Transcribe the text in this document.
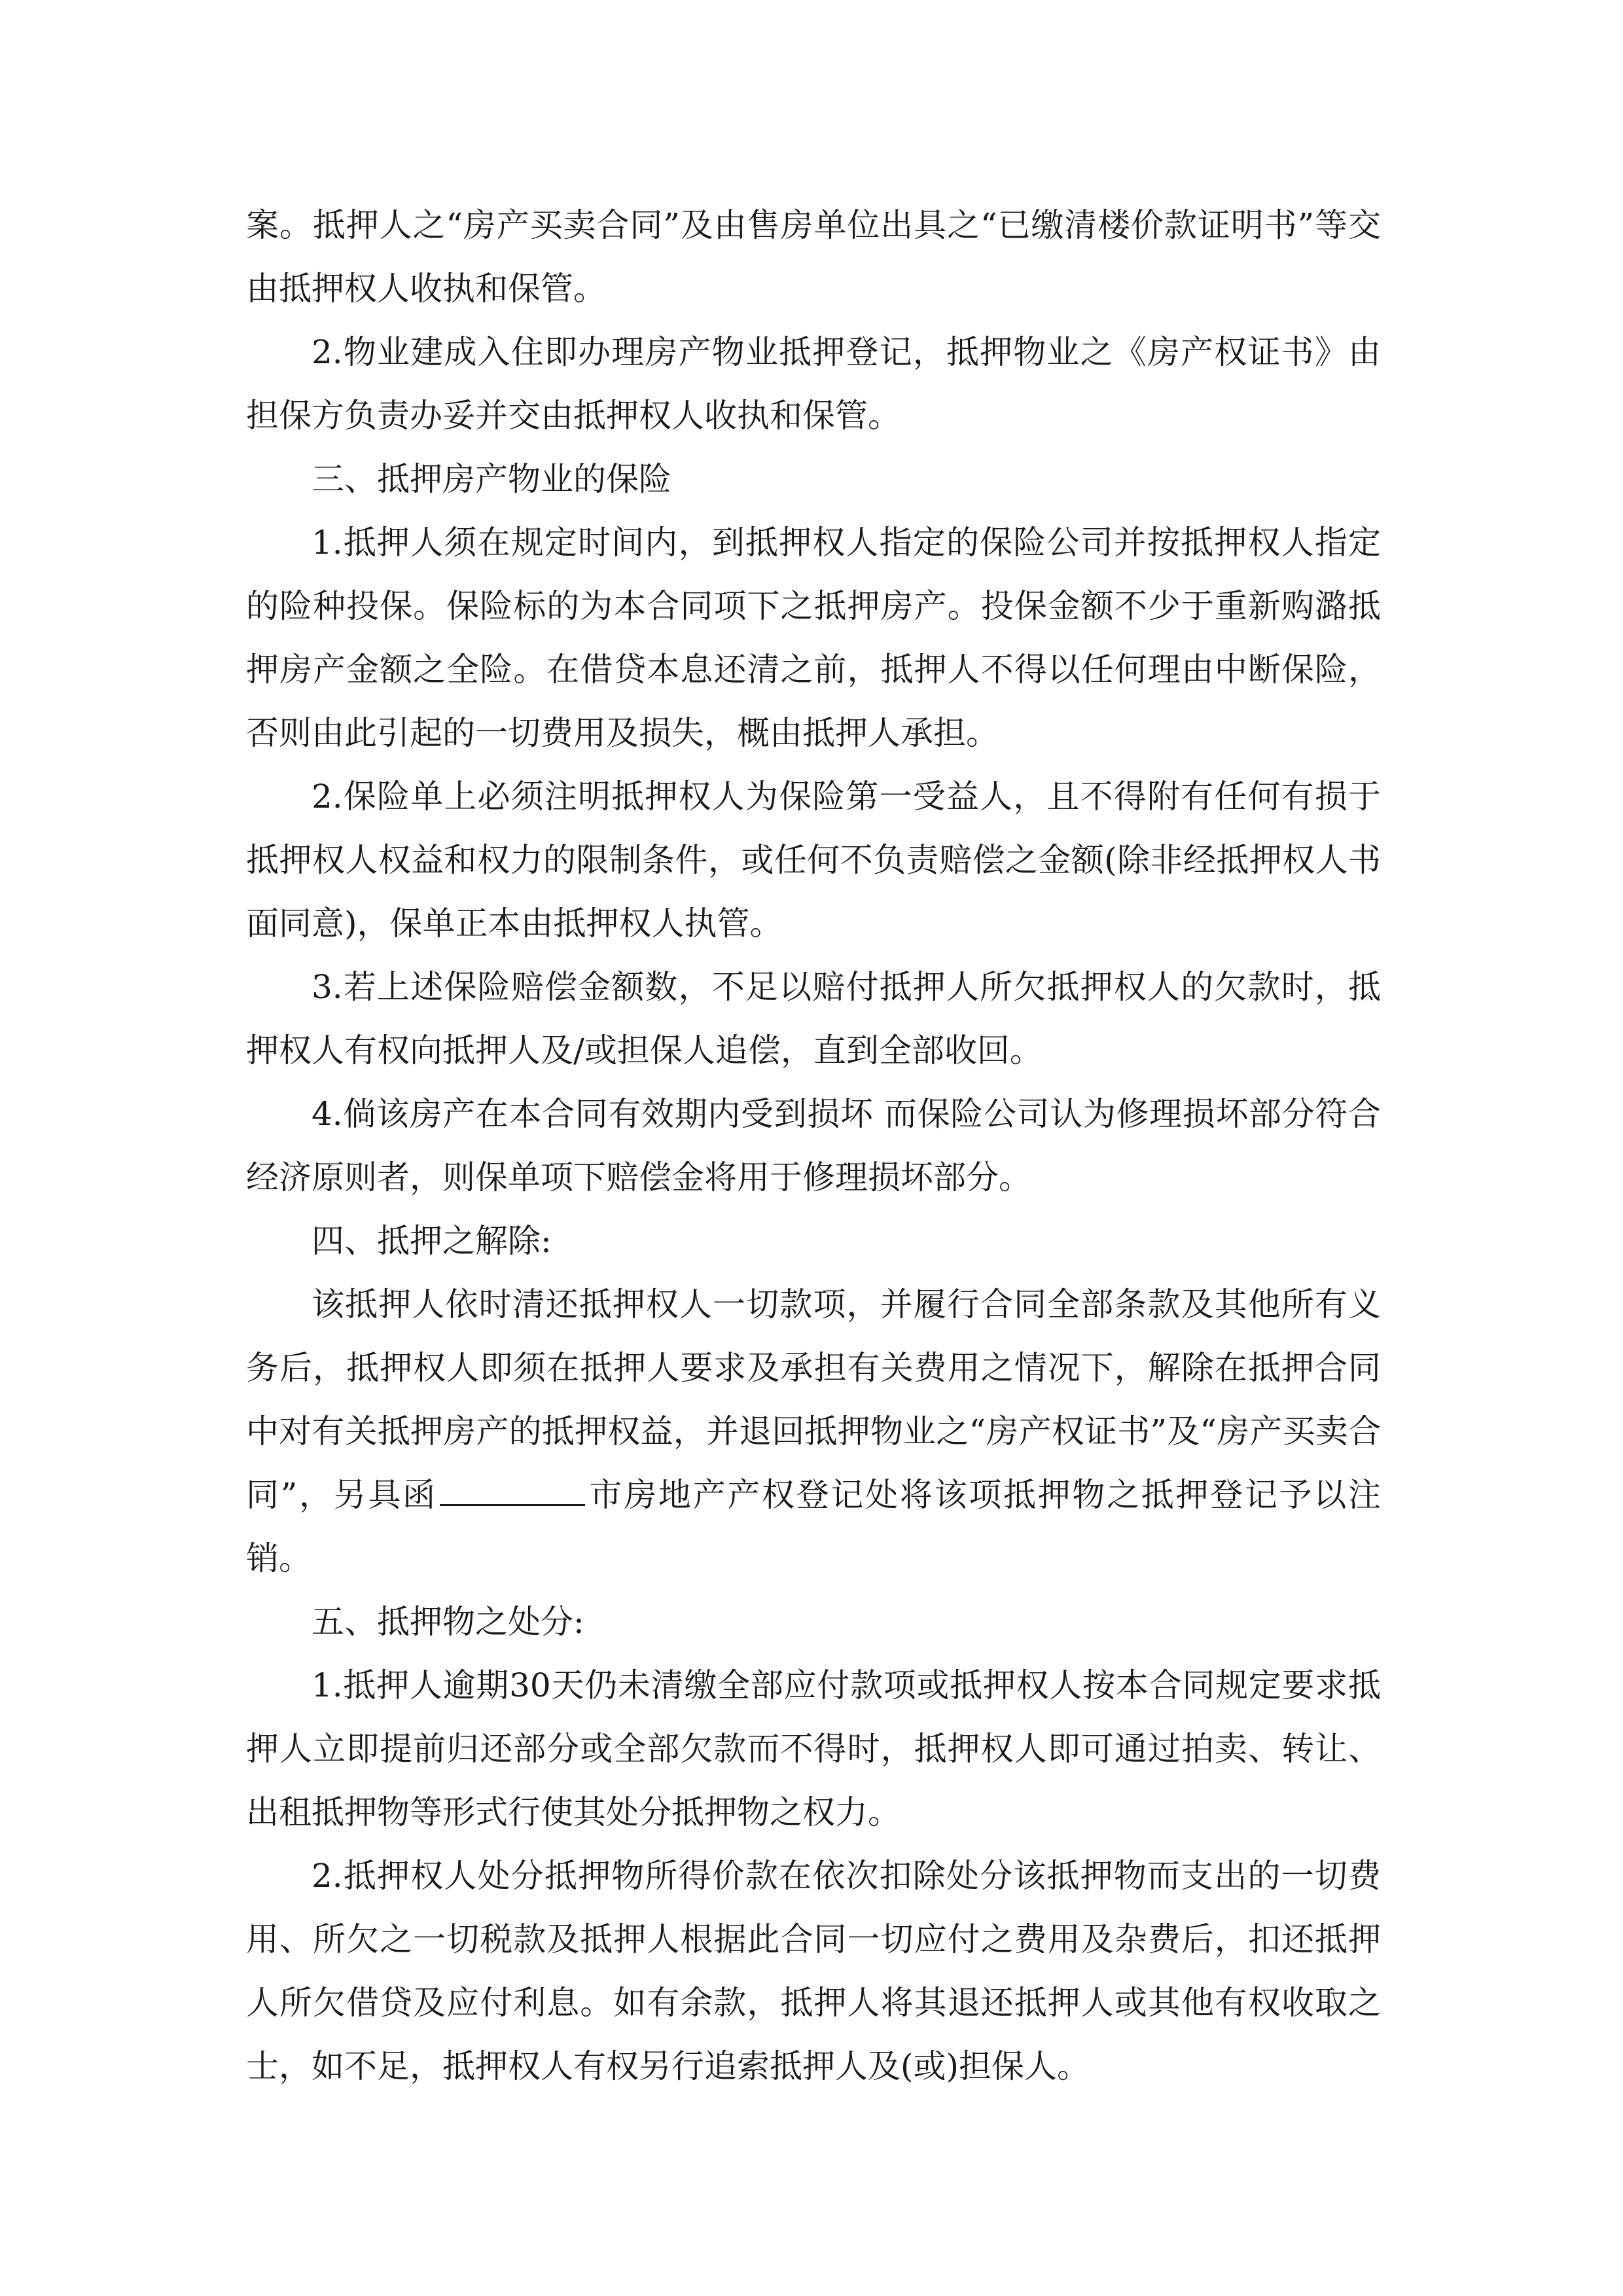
案。抵押人之“房产买卖合同”及由售房单位出具之“已缴清楼价款证明书”等交由抵押权人收执和保管。

2.物业建成入住即办理房产物业抵押登记，抵押物业之《房产权证书》由担保方负责办妥并交由抵押权人收执和保管。

三、抵押房产物业的保险

1.抵押人须在规定时间内，到抵押权人指定的保险公司并按抵押权人指定的险种投保。保险标的为本合同项下之抵押房产。投保金额不少于重新购潞抵押房产金额之全险。在借贷本息还清之前，抵押人不得以任何理由中断保险，否则由此引起的一切费用及损失，概由抵押人承担。

2.保险单上必须注明抵押权人为保险第一受益人，且不得附有任何有损于抵押权人权益和权力的限制条件，或任何不负责赔偿之金额(除非经抵押权人书面同意)，保单正本由抵押权人执管。

3.若上述保险赔偿金额数，不足以赔付抵押人所欠抵押权人的欠款时，抵押权人有权向抵押人及/或担保人追偿，直到全部收回。

4.倘该房产在本合同有效期内受到损坏 而保险公司认为修理损坏部分符合经济原则者，则保单项下赔偿金将用于修理损坏部分。

四、抵押之解除:

该抵押人依时清还抵押权人一切款项，并履行合同全部条款及其他所有义务后，抵押权人即须在抵押人要求及承担有关费用之情况下，解除在抵押合同中对有关抵押房产的抵押权益，并退回抵押物业之“房产权证书”及“房产买卖合同”，另具函	市房地产产权登记处将该项抵押物之抵押登记予以注销。

五、抵押物之处分:

1.抵押人逾期30天仍未清缴全部应付款项或抵押权人按本合同规定要求抵押人立即提前归还部分或全部欠款而不得时，抵押权人即可通过拍卖、转让、出租抵押物等形式行使其处分抵押物之权力。

2.抵押权人处分抵押物所得价款在依次扣除处分该抵押物而支出的一切费用、所欠之一切税款及抵押人根据此合同一切应付之费用及杂费后，扣还抵押人所欠借贷及应付利息。如有余款，抵押人将其退还抵押人或其他有权收取之士，如不足，抵押权人有权另行追索抵押人及(或)担保人。
